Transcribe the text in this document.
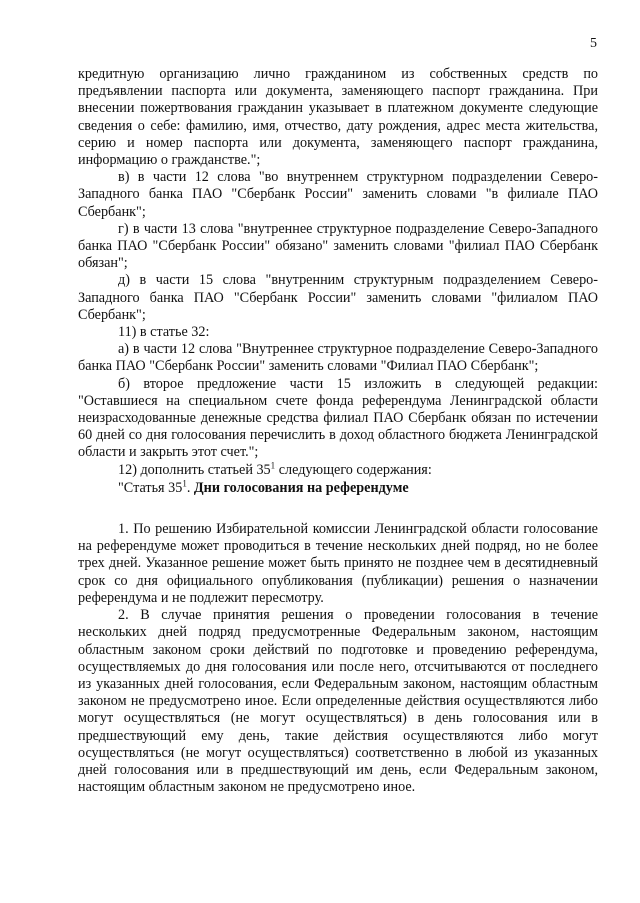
5

кредитную организацию лично гражданином из собственных средств по предъявлении паспорта или документа, заменяющего паспорт гражданина. При внесении пожертвования гражданин указывает в платежном документе следующие сведения о себе: фамилию, имя, отчество, дату рождения, адрес места жительства, серию и номер паспорта или документа, заменяющего паспорт гражданина, информацию о гражданстве.";

в) в части 12 слова "во внутреннем структурном подразделении Северо-Западного банка ПАО "Сбербанк России" заменить словами "в филиале ПАО Сбербанк";

г) в части 13 слова "внутреннее структурное подразделение Северо-Западного банка ПАО "Сбербанк России" обязано" заменить словами "филиал ПАО Сбербанк обязан";

д) в части 15 слова "внутренним структурным подразделением Северо-Западного банка ПАО "Сбербанк России" заменить словами "филиалом ПАО Сбербанк";

11) в статье 32:

а) в части 12 слова "Внутреннее структурное подразделение Северо-Западного банка ПАО "Сбербанк России" заменить словами "Филиал ПАО Сбербанк";

б) второе предложение части 15 изложить в следующей редакции: "Оставшиеся на специальном счете фонда референдума Ленинградской области неизрасходованные денежные средства филиал ПАО Сбербанк обязан по истечении 60 дней со дня голосования перечислить в доход областного бюджета Ленинградской области и закрыть этот счет.";

12) дополнить статьей $35^1$ следующего содержания:

"Статья $35^1$. Дни голосования на референдуме

1. По решению Избирательной комиссии Ленинградской области голосование на референдуме может проводиться в течение нескольких дней подряд, но не более трех дней. Указанное решение может быть принято не позднее чем в десятидневный срок со дня официального опубликования (публикации) решения о назначении референдума и не подлежит пересмотру.

2. В случае принятия решения о проведении голосования в течение нескольких дней подряд предусмотренные Федеральным законом, настоящим областным законом сроки действий по подготовке и проведению референдума, осуществляемых до дня голосования или после него, отсчитываются от последнего из указанных дней голосования, если Федеральным законом, настоящим областным законом не предусмотрено иное. Если определенные действия осуществляются либо могут осуществляться (не могут осуществляться) в день голосования или в предшествующий ему день, такие действия осуществляются либо могут осуществляться (не могут осуществляться) соответственно в любой из указанных дней голосования или в предшествующий им день, если Федеральным законом, настоящим областным законом не предусмотрено иное.
